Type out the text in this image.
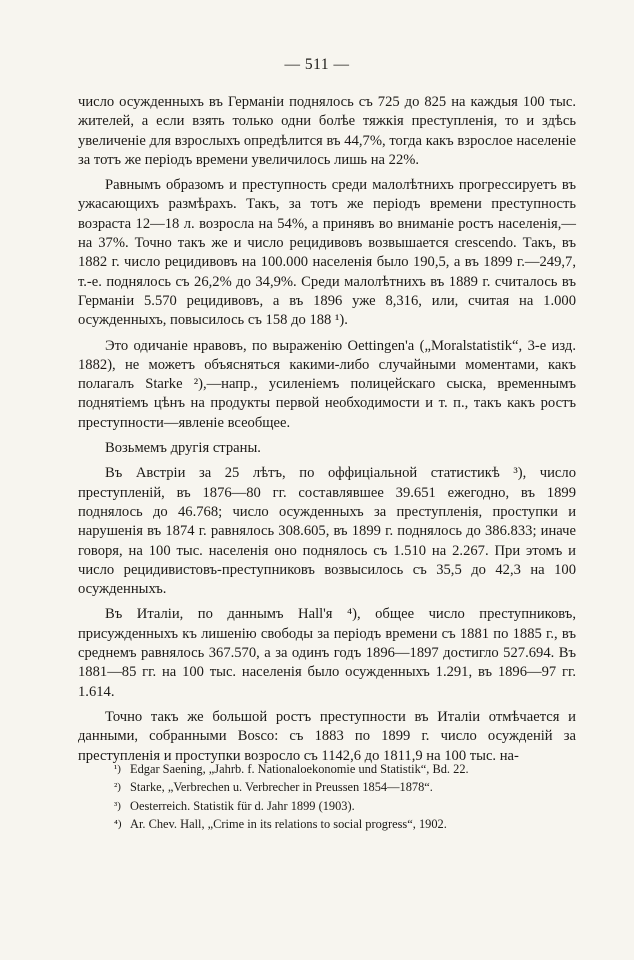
— 511 —

число осужденныхъ въ Германіи поднялось съ 725 до 825 на каждыя 100 тыс. жителей, а если взять только одни болѣе тяжкія преступленія, то и здѣсь увеличеніе для взрослыхъ опредѣлится въ 44,7%, тогда какъ взрослое населеніе за тотъ же періодъ времени увеличилось лишь на 22%.

Равнымъ образомъ и преступность среди малолѣтнихъ прогрессируетъ въ ужасающихъ размѣрахъ. Такъ, за тотъ же періодъ времени преступность возраста 12—18 л. возросла на 54%, а принявъ во вниманіе ростъ населенія,—на 37%. Точно такъ же и число рецидивовъ возвышается crescendo. Такъ, въ 1882 г. число рецидивовъ на 100.000 населенія было 190,5, а въ 1899 г.—249,7, т.-е. поднялось съ 26,2% до 34,9%. Среди малолѣтнихъ въ 1889 г. считалось въ Германіи 5.570 рецидивовъ, а въ 1896 уже 8,316, или, считая на 1.000 осужденныхъ, повысилось съ 158 до 188 ¹).

Это одичаніе нравовъ, по выраженію Oettingen'а („Moralstatistik“, 3-е изд. 1882), не можетъ объясняться какими-либо случайными моментами, какъ полагалъ Starke ²),—напр., усиленіемъ полицейскаго сыска, временнымъ поднятіемъ цѣнъ на продукты первой необходимости и т. п., такъ какъ ростъ преступности—явленіе всеобщее.

Возьмемъ другія страны.

Въ Австріи за 25 лѣтъ, по оффиціальной статистикѣ ³), число преступленій, въ 1876—80 гг. составлявшее 39.651 ежегодно, въ 1899 поднялось до 46.768; число осужденныхъ за преступленія, проступки и нарушенія въ 1874 г. равнялось 308.605, въ 1899 г. поднялось до 386.833; иначе говоря, на 100 тыс. населенія оно поднялось съ 1.510 на 2.267. При этомъ и число рецидивистовъ-преступниковъ возвысилось съ 35,5 до 42,3 на 100 осужденныхъ.

Въ Италіи, по даннымъ Hall'я ⁴), общее число преступниковъ, присужденныхъ къ лишенію свободы за періодъ времени съ 1881 по 1885 г., въ среднемъ равнялось 367.570, а за одинъ годъ 1896—1897 достигло 527.694. Въ 1881—85 гг. на 100 тыс. населенія было осужденныхъ 1.291, въ 1896—97 гг. 1.614.

Точно такъ же большой ростъ преступности въ Италіи отмѣчается и данными, собранными Bosco: съ 1883 по 1899 г. число осужденій за преступленія и проступки возросло съ 1142,6 до 1811,9 на 100 тыс. на-

¹) Edgar Saening, „Jahrb. f. Nationaloekonomie und Statistik“, Bd. 22.

²) Starke, „Verbrechen u. Verbrecher in Preussen 1854—1878“.

³) Oesterreich. Statistik für d. Jahr 1899 (1903).

⁴) Ar. Chev. Hall, „Crime in its relations to social progress“, 1902.
